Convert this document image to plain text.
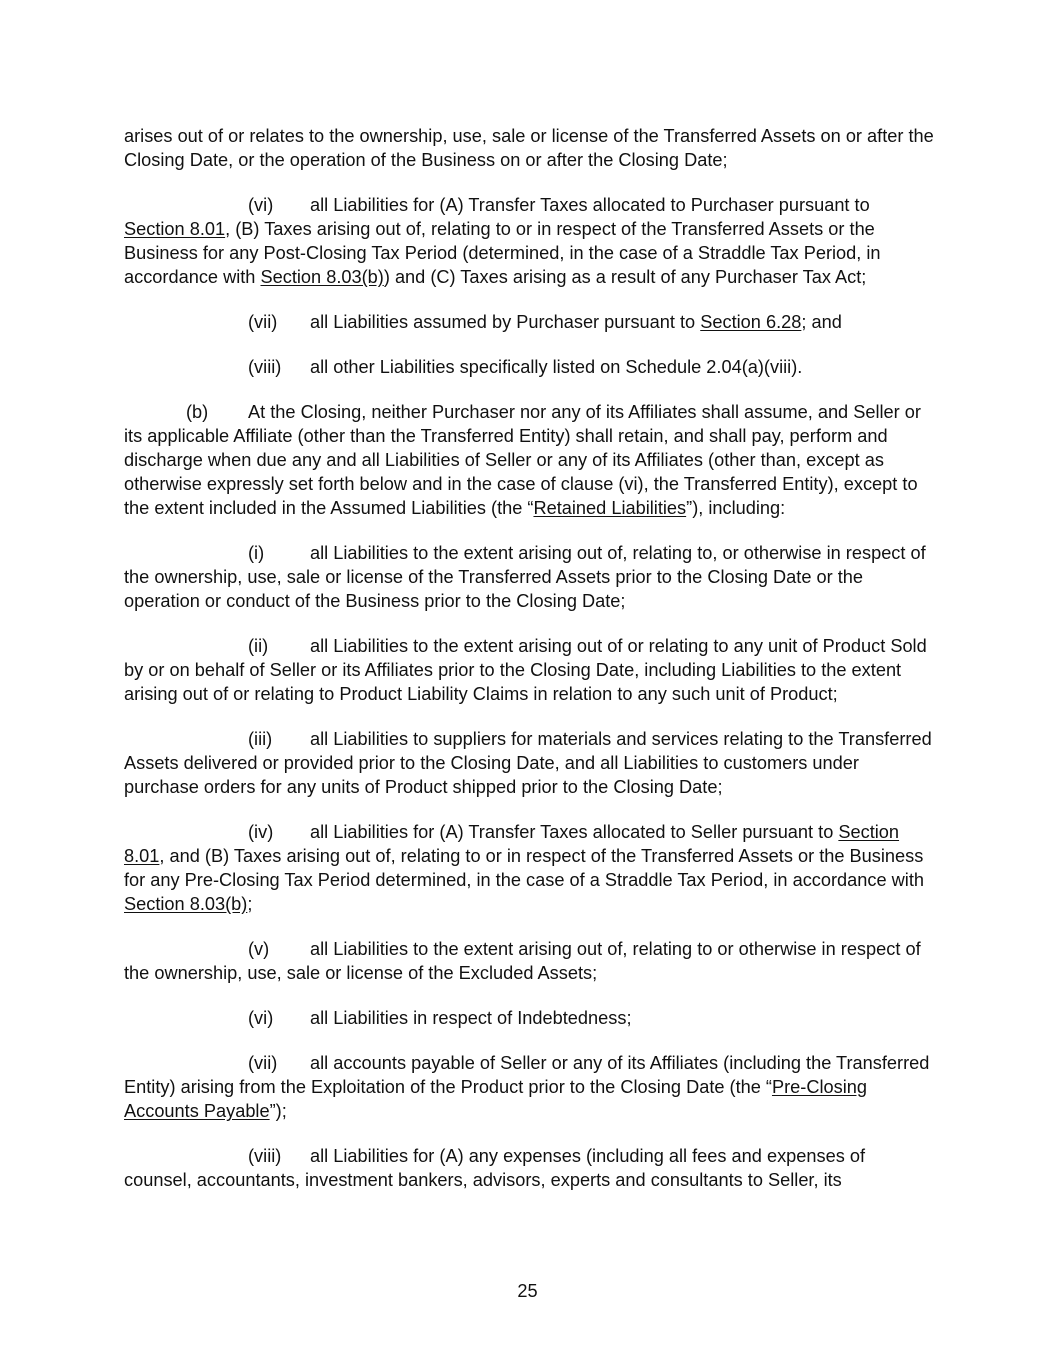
arises out of or relates to the ownership, use, sale or license of the Transferred Assets on or after the Closing Date, or the operation of the Business on or after the Closing Date;

(vi) all Liabilities for (A) Transfer Taxes allocated to Purchaser pursuant to Section 8.01, (B) Taxes arising out of, relating to or in respect of the Transferred Assets or the Business for any Post-Closing Tax Period (determined, in the case of a Straddle Tax Period, in accordance with Section 8.03(b)) and (C) Taxes arising as a result of any Purchaser Tax Act;

(vii) all Liabilities assumed by Purchaser pursuant to Section 6.28; and

(viii) all other Liabilities specifically listed on Schedule 2.04(a)(viii).

(b) At the Closing, neither Purchaser nor any of its Affiliates shall assume, and Seller or its applicable Affiliate (other than the Transferred Entity) shall retain, and shall pay, perform and discharge when due any and all Liabilities of Seller or any of its Affiliates (other than, except as otherwise expressly set forth below and in the case of clause (vi), the Transferred Entity), except to the extent included in the Assumed Liabilities (the “Retained Liabilities”), including:

(i)	all Liabilities to the extent arising out of, relating to, or otherwise in respect of the ownership, use, sale or license of the Transferred Assets prior to the Closing Date or the operation or conduct of the Business prior to the Closing Date;

(ii) all Liabilities to the extent arising out of or relating to any unit of Product Sold by or on behalf of Seller or its Affiliates prior to the Closing Date, including Liabilities to the extent arising out of or relating to Product Liability Claims in relation to any such unit of Product;

(iii) all Liabilities to suppliers for materials and services relating to the Transferred Assets delivered or provided prior to the Closing Date, and all Liabilities to customers under purchase orders for any units of Product shipped prior to the Closing Date;

(iv) all Liabilities for (A) Transfer Taxes allocated to Seller pursuant to Section 8.01, and (B) Taxes arising out of, relating to or in respect of the Transferred Assets or the Business for any Pre-Closing Tax Period determined, in the case of a Straddle Tax Period, in accordance with Section 8.03(b);

(v) all Liabilities to the extent arising out of, relating to or otherwise in respect of the ownership, use, sale or license of the Excluded Assets;

(vi) all Liabilities in respect of Indebtedness;

(vii) all accounts payable of Seller or any of its Affiliates (including the Transferred Entity) arising from the Exploitation of the Product prior to the Closing Date (the “Pre-Closing Accounts Payable”);

(viii) all Liabilities for (A) any expenses (including all fees and expenses of counsel, accountants, investment bankers, advisors, experts and consultants to Seller, its

25
